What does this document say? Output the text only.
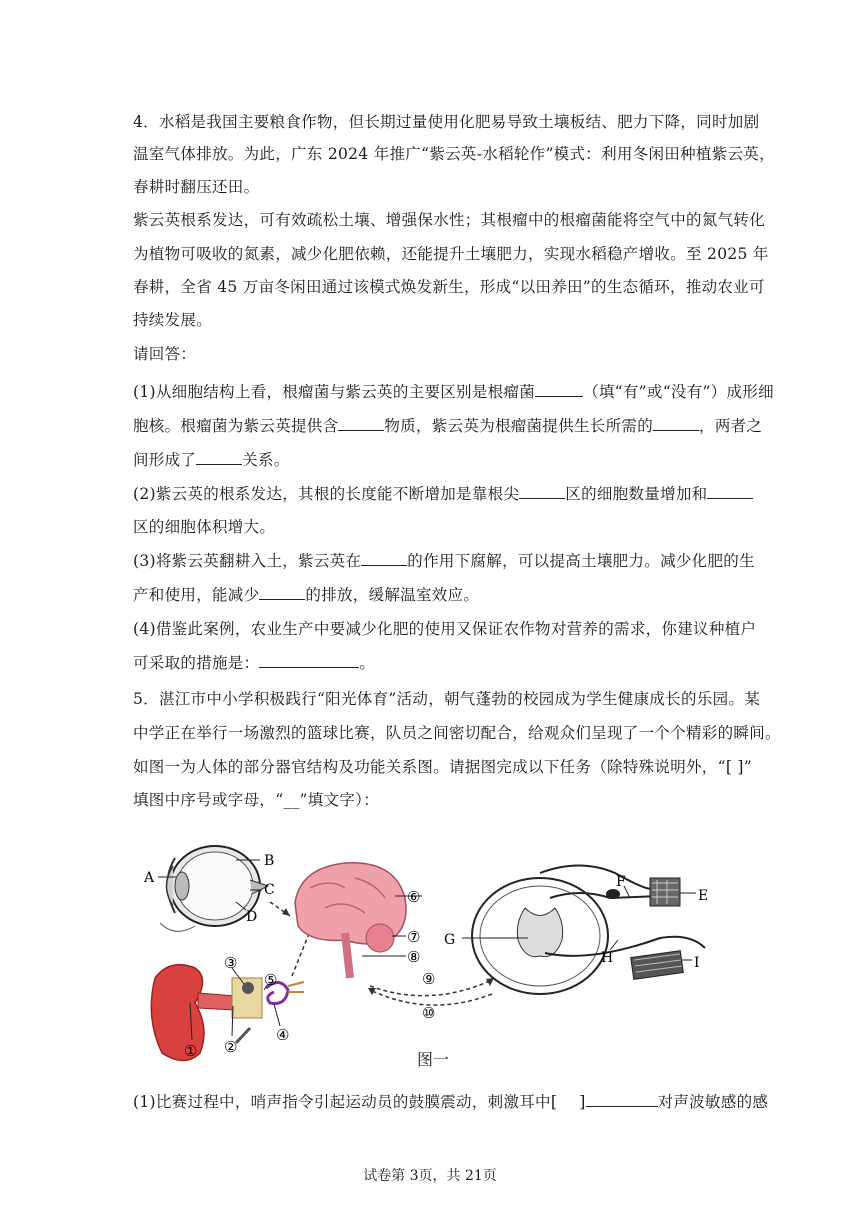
4．水稻是我国主要粮食作物，但长期过量使用化肥易导致土壤板结、肥力下降，同时加剧
温室气体排放。为此，广东 2024 年推广“紫云英-水稻轮作”模式：利用冬闲田种植紫云英，
春耕时翻压还田。
紫云英根系发达，可有效疏松土壤、增强保水性；其根瘤中的根瘤菌能将空气中的氮气转化
为植物可吸收的氮素，减少化肥依赖，还能提升土壤肥力，实现水稻稳产增收。至 2025 年
春耕，全省 45 万亩冬闲田通过该模式焕发新生，形成“以田养田”的生态循环，推动农业可
持续发展。
请回答：
(1)从细胞结构上看，根瘤菌与紫云英的主要区别是根瘤菌	（填“有”或“没有”）成形细
胞核。根瘤菌为紫云英提供含	物质，紫云英为根瘤菌提供生长所需的	，两者之
间形成了	关系。
(2)紫云英的根系发达，其根的长度能不断增加是靠根尖	区的细胞数量增加和
区的细胞体积增大。
(3)将紫云英翻耕入土，紫云英在	的作用下腐解，可以提高土壤肥力。减少化肥的生
产和使用，能减少	的排放，缓解温室效应。
(4)借鉴此案例，农业生产中要减少化肥的使用又保证农作物对营养的需求，你建议种植户
可采取的措施是：	。
5．湛江市中小学积极践行“阳光体育”活动，朝气蓬勃的校园成为学生健康成长的乐园。某
中学正在举行一场激烈的篮球比赛，队员之间密切配合，给观众们呈现了一个个精彩的瞬间。
如图一为人体的部分器官结构及功能关系图。请据图完成以下任务（除特殊说明外，“[ ]”
填图中序号或字母，“__”填文字）：
A
B
C
D
① ②
③
④
⑤
⑥
⑦
⑧
⑨
⑩
G
F
H
E
I
图一
(1)比赛过程中，哨声指令引起运动员的鼓膜震动，刺激耳中[ ]	对声波敏感的感
试卷第 3页，共 21页
